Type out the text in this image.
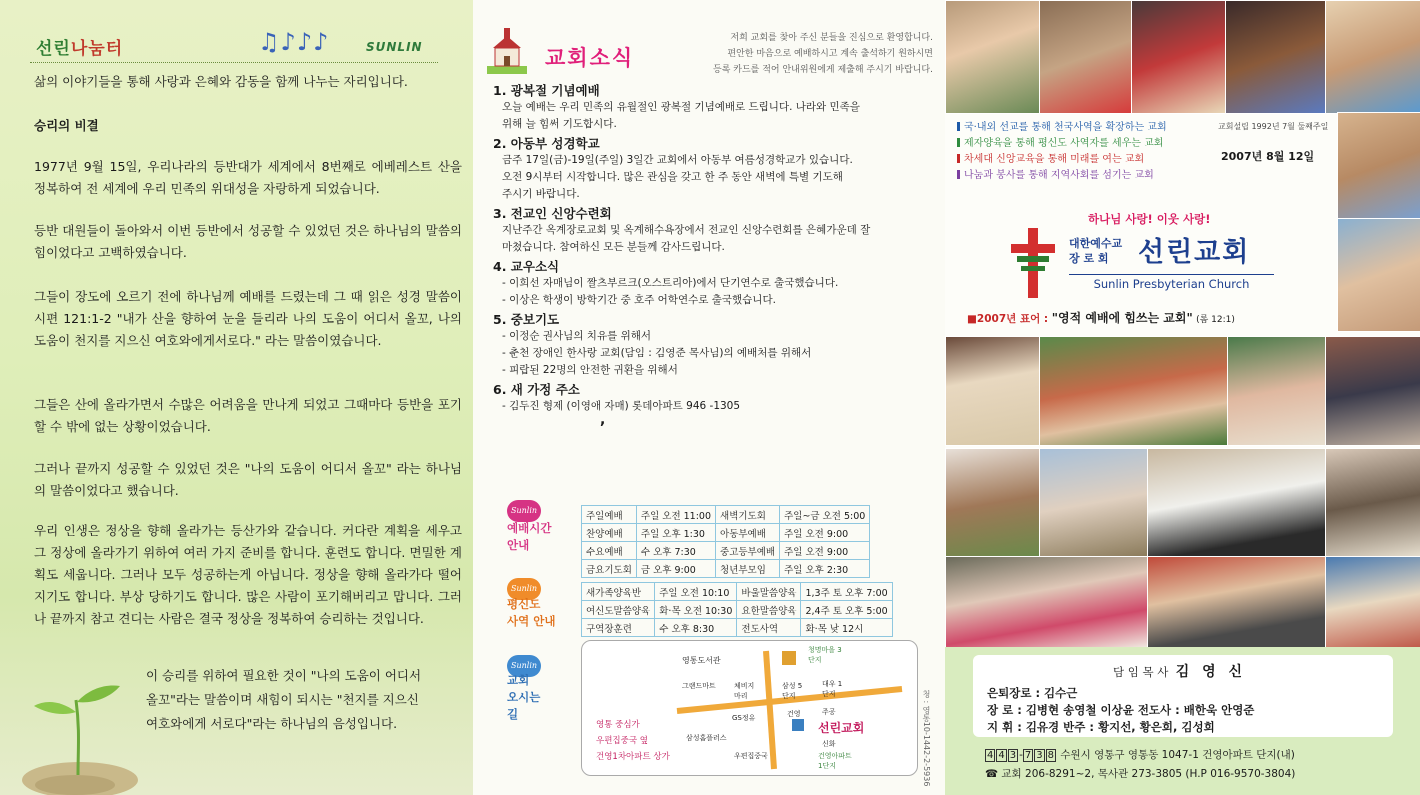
선린나눔터	♫♪♪♪	SUNLIN
삶의 이야기들을 통해 사랑과 은혜와 감동을 함께 나누는 자리입니다.
승리의 비결
1977년 9월 15일, 우리나라의 등반대가 세계에서 8번째로 에베레스트 산을 정복하여 전 세계에 우리 민족의 위대성을 자랑하게 되었습니다.
등반 대원들이 돌아와서 이번 등반에서 성공할 수 있었던 것은 하나님의 말씀의 힘이었다고 고백하였습니다.
그들이 장도에 오르기 전에 하나님께 예배를 드렸는데 그 때 읽은 성경 말씀이 시편 121:1-2 "내가 산을 향하여 눈을 들리라 나의 도움이 어디서 올꼬, 나의 도움이 천지를 지으신 여호와에게서로다." 라는 말씀이였습니다.
그들은 산에 올라가면서 수많은 어려움을 만나게 되었고 그때마다 등반을 포기 할 수 밖에 없는 상황이었습니다.
그러나 끝까지 성공할 수 있었던 것은 "나의 도움이 어디서 올꼬" 라는 하나님의 말씀이었다고 했습니다.
우리 인생은 정상을 향해 올라가는 등산가와 같습니다. 커다란 계획을 세우고 그 정상에 올라가기 위하여 여러 가지 준비를 합니다. 훈련도 합니다. 면밀한 계획도 세웁니다. 그러나 모두 성공하는게 아닙니다. 정상을 향해 올라가다 떨어지기도 합니다. 부상 당하기도 합니다. 많은 사람이 포기해버리고 맙니다. 그러나 끝까지 참고 견디는 사람은 결국 정상을 정복하여 승리하는 것입니다.
이 승리를 위하여 필요한 것이 "나의 도움이 어디서
올꼬"라는 말씀이며 새힘이 되시는 "천지를 지으신
여호와에게 서로다"라는 하나님의 음성입니다.
교회소식
저희 교회를 찾아 주신 분들을 진심으로 환영합니다.
편안한 마음으로 예배하시고 계속 출석하기 원하시면
등록 카드를 적어 안내위원에게 제출해 주시기 바랍니다.
1. 광복절 기념예배
오늘 예배는 우리 민족의 유월절인 광복절 기념예배로 드립니다. 나라와 민족을
위해 늘 힘써 기도합시다.
2. 아동부 성경학교
금주 17일(금)-19일(주일) 3일간 교회에서 아동부 여름성경학교가 있습니다.
오전 9시부터 시작합니다. 많은 관심을 갖고 한 주 동안 새벽에 특별 기도해
주시기 바랍니다.
3. 전교인 신앙수련회
지난주간 옥계장로교회 및 옥계해수욕장에서 전교인 신앙수련회를 은혜가운데 잘
마쳤습니다. 참여하신 모든 분들께 감사드립니다.
4. 교우소식
- 이희선 자매님이 짤츠부르크(오스트리아)에서 단기연수로 출국했습니다.
- 이상은 학생이 방학기간 중 호주 어학연수로 출국했습니다.
5. 중보기도
- 이정순 권사님의 치유를 위해서
- 춘천 장애인 한사랑 교회(담임 : 김영준 목사님)의 예배처를 위해서
- 피랍된 22명의 안전한 귀환을 위해서
6. 새 가정 주소
- 김두진 형제 (이영애 자매) 롯데아파트 946 -1305
,
Sunlin
예배시간
안내
주일예배	주일 오전 11:00	새벽기도회	주일~금 오전 5:00
찬양예배	주일 오후 1:30	아동부예배	주일 오전 9:00
수요예배	수 오후 7:30	중고등부예배	주일 오전 9:00
금요기도회	금 오후 9:00	청년부모임	주일 오후 2:30
Sunlin
평신도
사역 안내
새가족양육반	주일 오전 10:10	바울말씀양육	1,3주 토 오후 7:00
여신도말씀양육	화·목 오전 10:30	요한말씀양육	2,4주 토 오후 5:00
구역장훈련	수 오후 8:30	전도사역	화·목 낮 12시
Sunlin
교회
오시는
길
영통도서관
청명마을 3단지
그랜드마트	체비지 마리
삼성 5단지
대우 1단지
GS정유	건영	주공
삼성홈플러스
우편집중국
신화
건영아파트 1단지
선린교회
영통 중심가
우편집중국 옆
건영1차아파트 상가	청 : 영통10-1442-2-5936
국·내외 선교를 통해 천국사역을 확장하는 교회
제자양육을 통해 평신도 사역자를 세우는 교회
차세대 신앙교육을 통해 미래를 여는 교회
나눔과 봉사를 통해 지역사회를 섬기는 교회
교회설립 1992년 7월 둘째주일
2007년 8월 12일
하나님 사랑! 이웃 사랑!
대한예수교
장 로 회	선린교회
Sunlin Presbyterian Church
■2007년 표어 : "영적 예배에 힘쓰는 교회" (롬 12:1)
담 임 목 사 김 영 신
은퇴장로 : 김수근
장 로 : 김병현 송영철 이상윤 전도사 : 배한욱 안영준
지 휘 : 김유경 반주 : 황지선, 황은희, 김성희
4 4 3 - 7 3 8 수원시 영통구 영통동 1047-1 건영아파트 단지(내)
☎ 교회 206-8291~2, 목사관 273-3805 (H.P 016-9570-3804)
